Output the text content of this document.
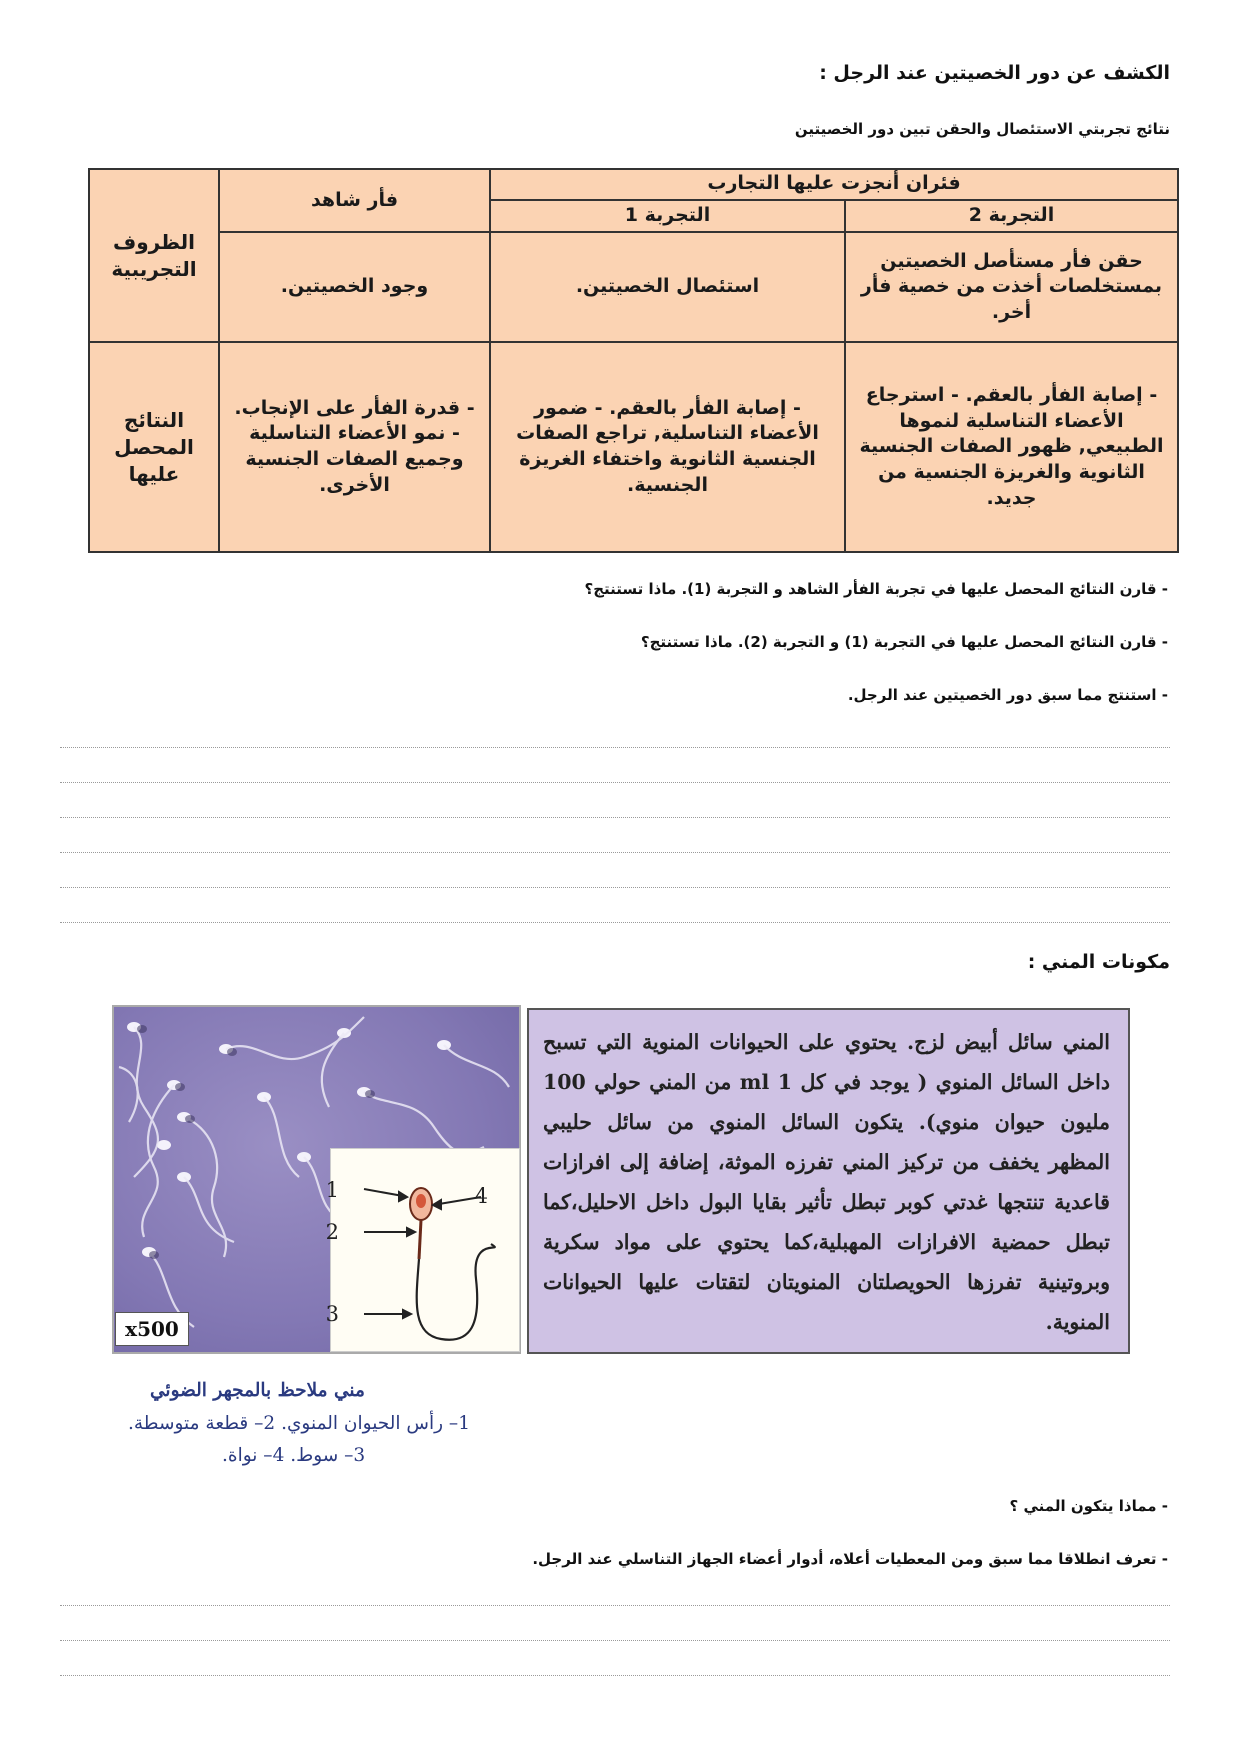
الكشف عن دور الخصيتين عند الرجل :
نتائج تجربتي الاستئصال والحقن تبين دور الخصيتين
فئران أنجزت عليها التجارب		فأر شاهد	الظروف التجريبية
التجربة 2	التجربة 1		
حقن فأر مستأصل الخصيتين بمستخلصات أخذت من خصية فأر أخر.	استئصال الخصيتين.	وجود الخصيتين.	
- إصابة الفأر بالعقم. - استرجاع الأعضاء التناسلية لنموها الطبيعي, ظهور الصفات الجنسية الثانوية والغريزة الجنسية من جديد.	- إصابة الفأر بالعقم. - ضمور الأعضاء التناسلية, تراجع الصفات الجنسية الثانوية واختفاء الغريزة الجنسية.	- قدرة الفأر على الإنجاب. - نمو الأعضاء التناسلية وجميع الصفات الجنسية الأخرى.	النتائج المحصل عليها
- قارن النتائج المحصل عليها في تجربة الفأر الشاهد و التجربة (1). ماذا تستنتج؟
- قارن النتائج المحصل عليها في التجربة (1) و التجربة (2). ماذا تستنتج؟
- استنتج مما سبق دور الخصيتين عند الرجل.
مكونات المني :
1
2
3
4
x500
مني ملاحظ بالمجهر الضوئي
1– رأس الحيوان المنوي. 2– قطعة متوسطة.
3– سوط. 4– نواة.

المني سائل أبيض لزج. يحتوي على الحيوانات المنوية التي تسبح داخل السائل المنوي ( يوجد في كل 1 ml من المني حولي 100 مليون حيوان منوي). يتكون السائل المنوي من سائل حليبي المظهر يخفف من تركيز المني تفرزه الموثة، إضافة إلى افرازات قاعدية تنتجها غدتي كوبر تبطل تأثير بقايا البول داخل الاحليل،كما تبطل حمضية الافرازات المهبلية،كما يحتوي على مواد سكرية وبروتينية تفرزها الحويصلتان المنويتان لتقتات عليها الحيوانات المنوية.

- مماذا يتكون المني ؟
- تعرف انطلاقا مما سبق ومن المعطيات أعلاه، أدوار أعضاء الجهاز التناسلي عند الرجل.
